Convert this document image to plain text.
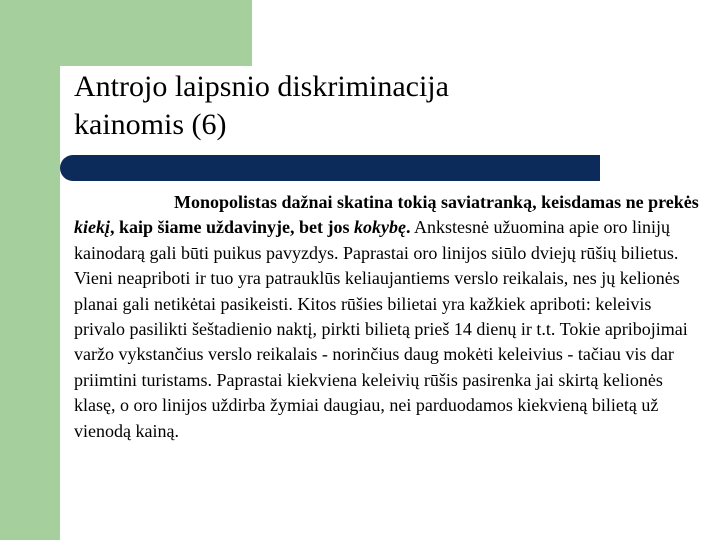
Antrojo laipsnio diskriminacija
kainomis (6)

Monopolistas dažnai skatina tokią saviatranką, keisdamas ne prekės kiekį, kaip šiame uždavinyje, bet jos kokybę. Ankstesnė užuomina apie oro linijų kainodarą gali būti puikus pavyzdys. Paprastai oro linijos siūlo dviejų rūšių bilietus. Vieni neapriboti ir tuo yra patrauklūs keliaujantiems verslo reikalais, nes jų kelionės planai gali netikėtai pasikeisti. Kitos rūšies bilietai yra kažkiek apriboti: keleivis privalo pasilikti šeštadienio naktį, pirkti bilietą prieš 14 dienų ir t.t. Tokie apribojimai varžo vykstančius verslo reikalais - norinčius daug mokėti keleivius - tačiau vis dar priimtini turistams. Paprastai kiekviena keleivių rūšis pasirenka jai skirtą kelionės klasę, o oro linijos uždirba žymiai daugiau, nei parduodamos kiekvieną bilietą už vienodą kainą.
